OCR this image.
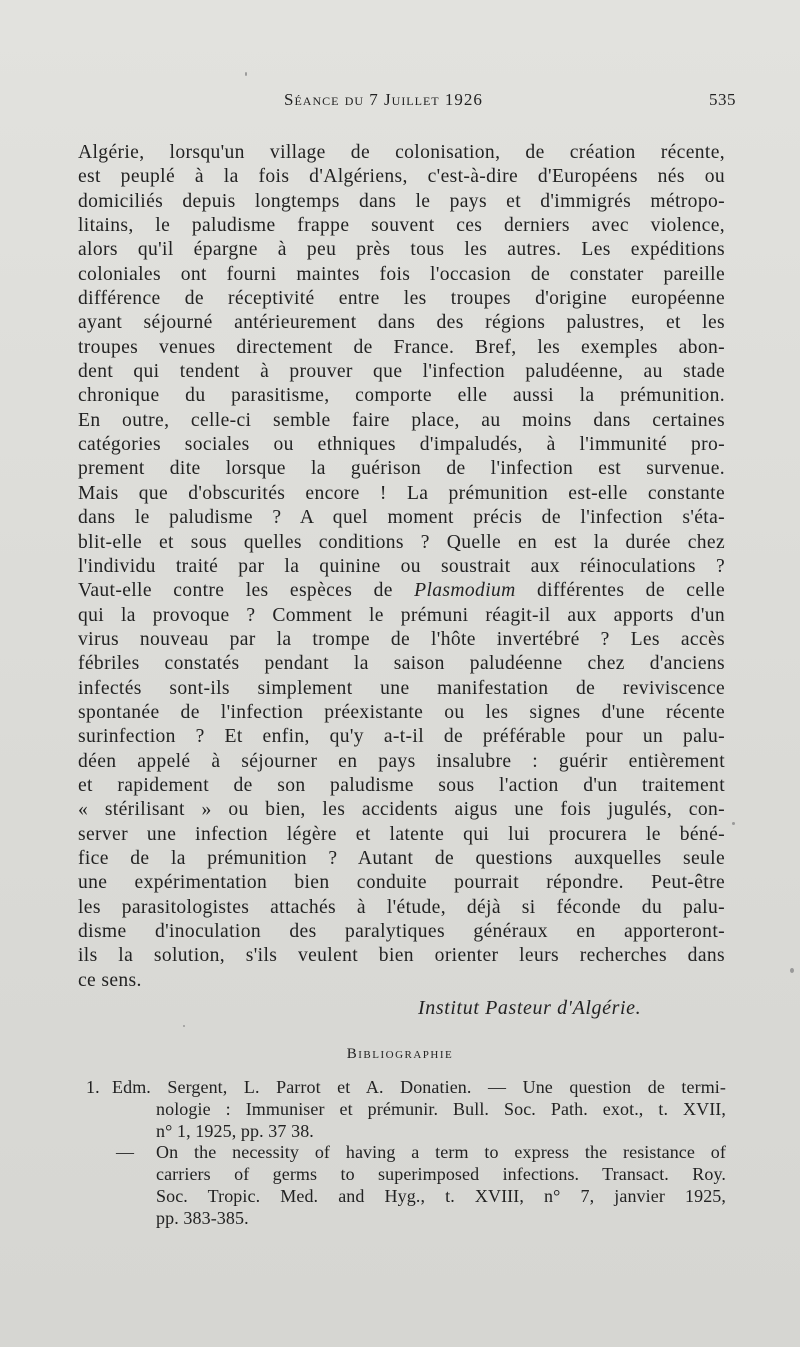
Séance du 7 Juillet 1926	535
Algérie, lorsqu'un village de colonisation, de création récente,
est peuplé à la fois d'Algériens, c'est-à-dire d'Européens nés ou
domiciliés depuis longtemps dans le pays et d'immigrés métropo-
litains, le paludisme frappe souvent ces derniers avec violence,
alors qu'il épargne à peu près tous les autres. Les expéditions
coloniales ont fourni maintes fois l'occasion de constater pareille
différence de réceptivité entre les troupes d'origine européenne
ayant séjourné antérieurement dans des régions palustres, et les
troupes venues directement de France. Bref, les exemples abon-
dent qui tendent à prouver que l'infection paludéenne, au stade
chronique du parasitisme, comporte elle aussi la prémunition.
En outre, celle-ci semble faire place, au moins dans certaines
catégories sociales ou ethniques d'impaludés, à l'immunité pro-
prement dite lorsque la guérison de l'infection est survenue.
Mais que d'obscurités encore ! La prémunition est-elle constante
dans le paludisme ? A quel moment précis de l'infection s'éta-
blit-elle et sous quelles conditions ? Quelle en est la durée chez
l'individu traité par la quinine ou soustrait aux réinoculations ?
Vaut-elle contre les espèces de Plasmodium différentes de celle
qui la provoque ? Comment le prémuni réagit-il aux apports d'un
virus nouveau par la trompe de l'hôte invertébré ? Les accès
fébriles constatés pendant la saison paludéenne chez d'anciens
infectés sont-ils simplement une manifestation de reviviscence
spontanée de l'infection préexistante ou les signes d'une récente
surinfection ? Et enfin, qu'y a-t-il de préférable pour un palu-
déen appelé à séjourner en pays insalubre : guérir entièrement
et rapidement de son paludisme sous l'action d'un traitement
« stérilisant » ou bien, les accidents aigus une fois jugulés, con-
server une infection légère et latente qui lui procurera le béné-
fice de la prémunition ? Autant de questions auxquelles seule
une expérimentation bien conduite pourrait répondre. Peut-être
les parasitologistes attachés à l'étude, déjà si féconde du palu-
disme d'inoculation des paralytiques généraux en apporteront-
ils la solution, s'ils veulent bien orienter leurs recherches dans
ce sens.
Institut Pasteur d'Algérie.
Bibliographie
1. Edm. Sergent, L. Parrot et A. Donatien. — Une question de termi-
nologie : Immuniser et prémunir. Bull. Soc. Path. exot., t. XVII,
n° 1, 1925, pp. 37 38.
— On the necessity of having a term to express the resistance of
carriers of germs to superimposed infections. Transact. Roy.
Soc. Tropic. Med. and Hyg., t. XVIII, n° 7, janvier 1925,
pp. 383-385.
